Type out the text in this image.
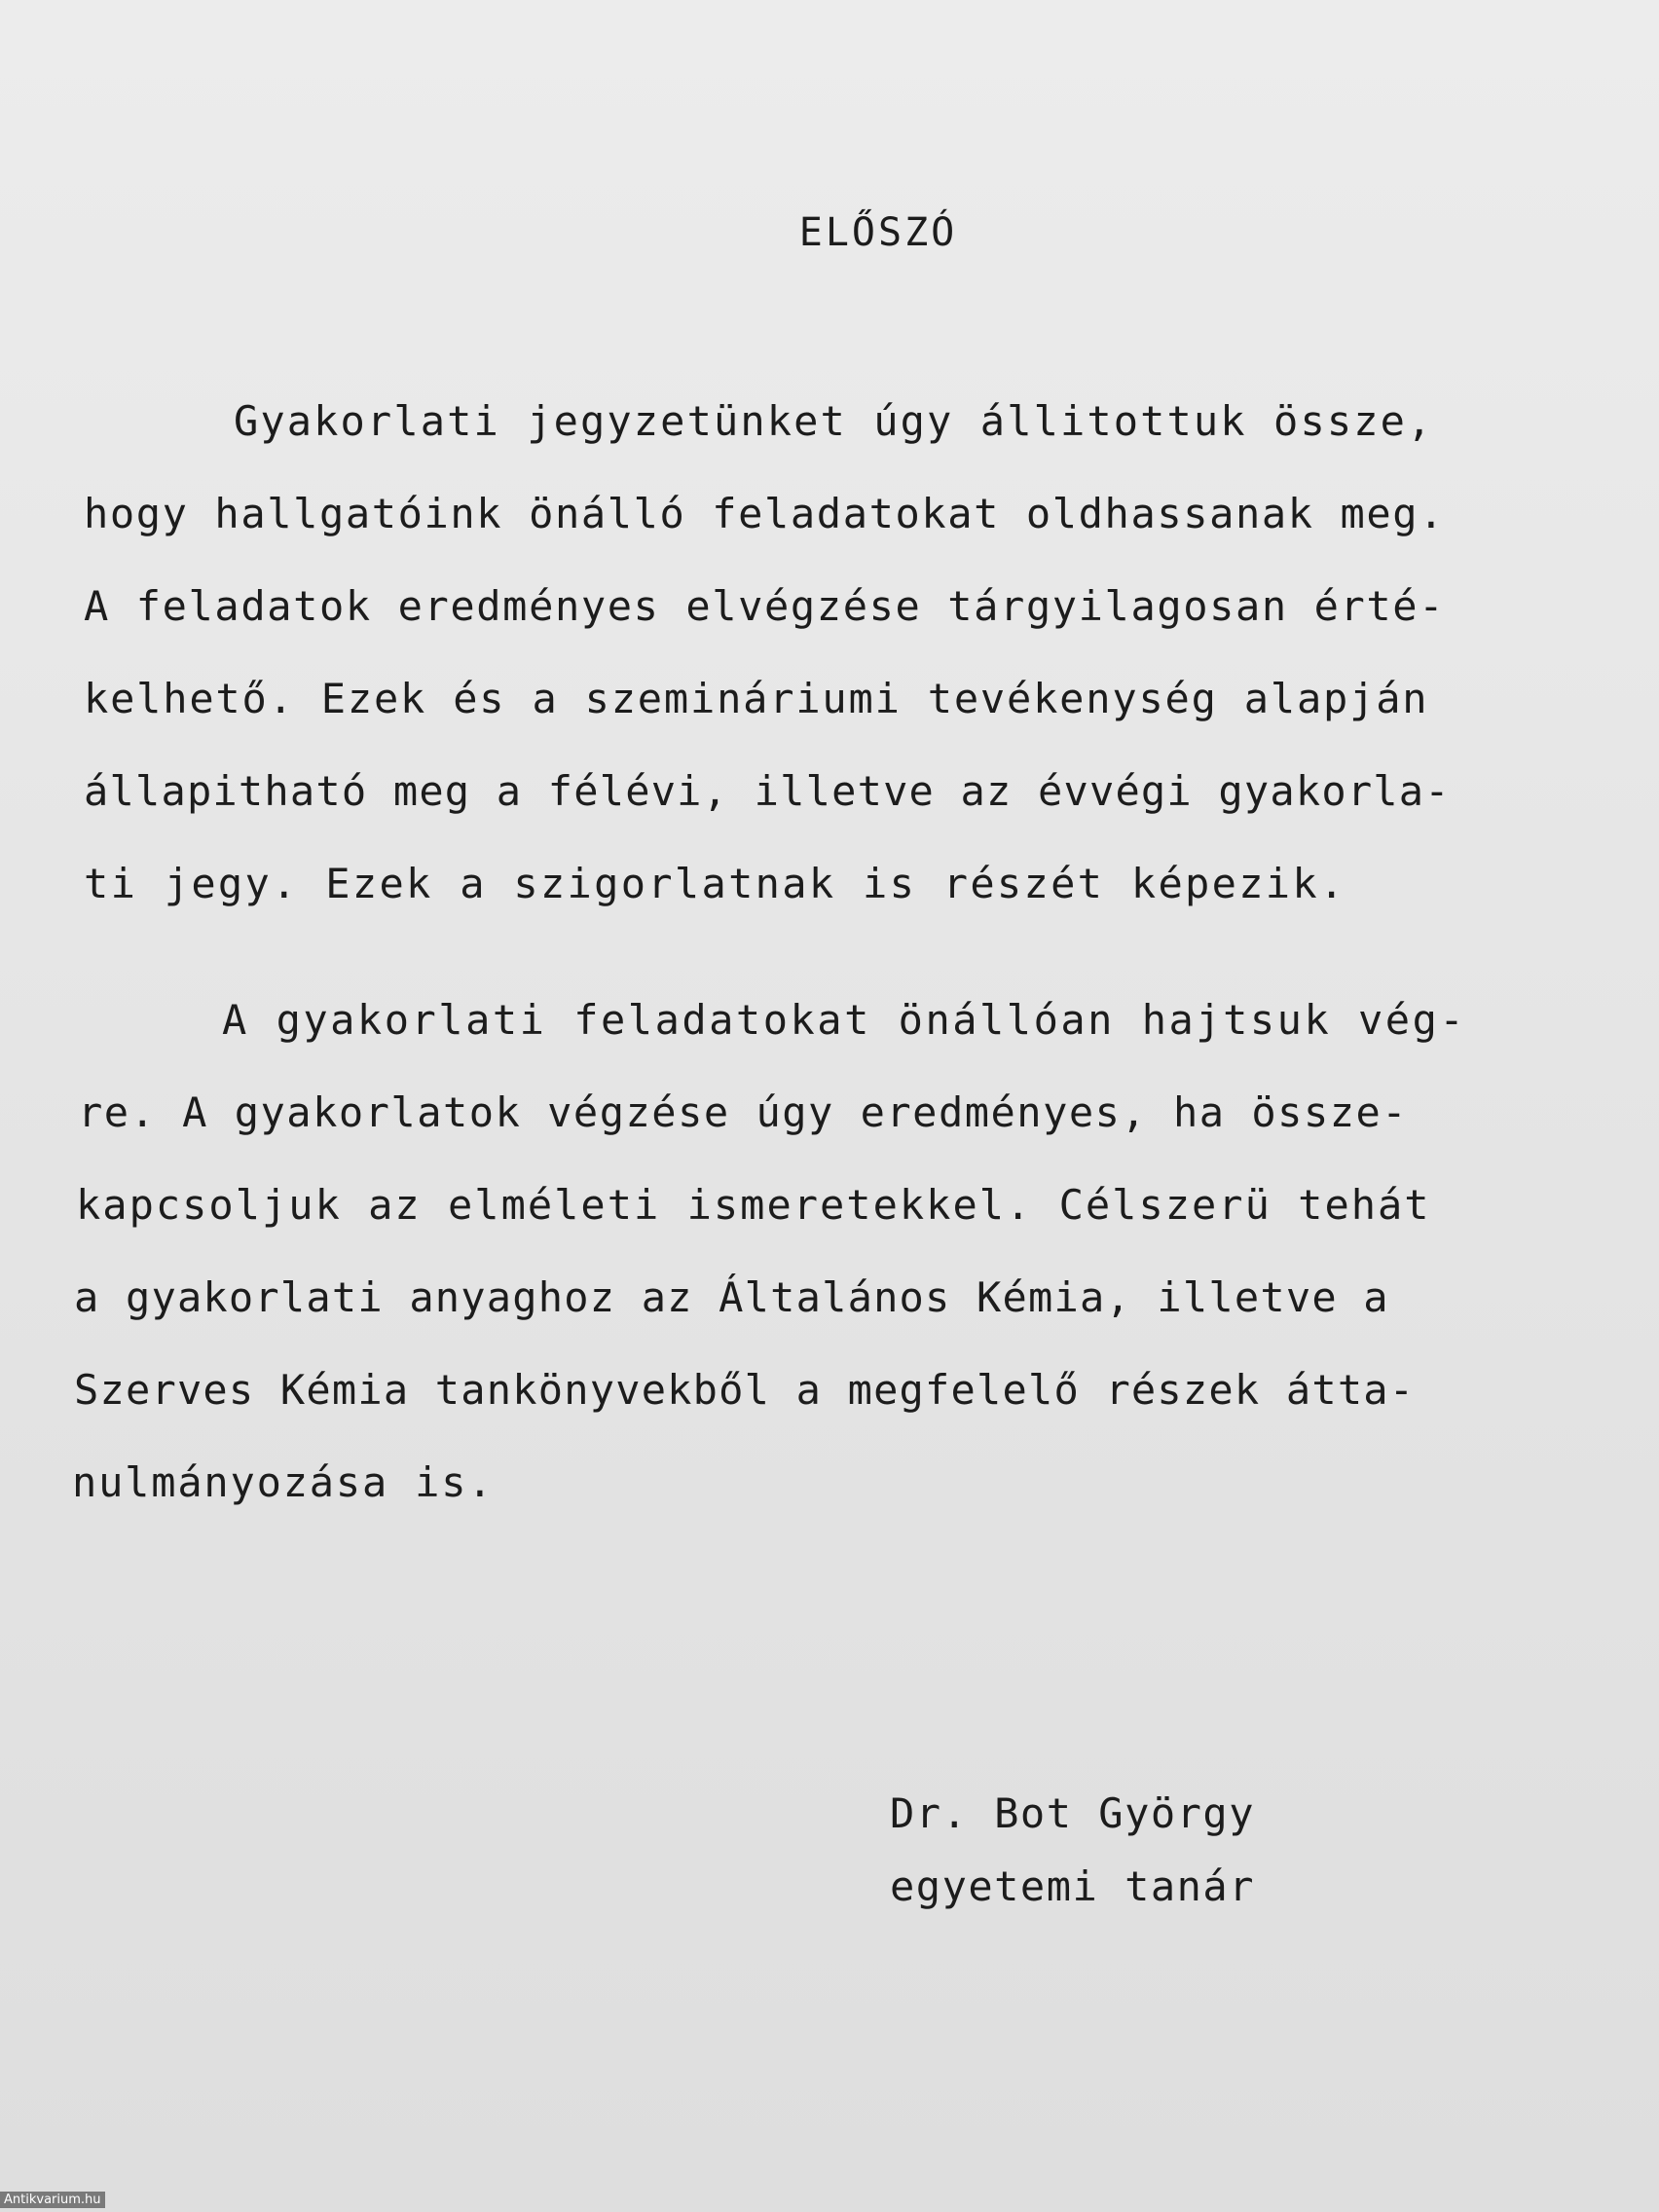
ELŐSZÓ
Gyakorlati jegyzetünket úgy állitottuk össze,
hogy hallgatóink önálló feladatokat oldhassanak meg.
A feladatok eredményes elvégzése tárgyilagosan érté-
kelhető. Ezek és a szemináriumi tevékenység alapján
állapitható meg a félévi, illetve az évvégi gyakorla-
ti jegy. Ezek a szigorlatnak is részét képezik.
A gyakorlati feladatokat önállóan hajtsuk vég-
re. A gyakorlatok végzése úgy eredményes, ha össze-
kapcsoljuk az elméleti ismeretekkel. Célszerü tehát
a gyakorlati anyaghoz az Általános Kémia, illetve a
Szerves Kémia tankönyvekből a megfelelő részek átta-
nulmányozása is.
Dr. Bot György
egyetemi tanár
Antikvarium.hu
